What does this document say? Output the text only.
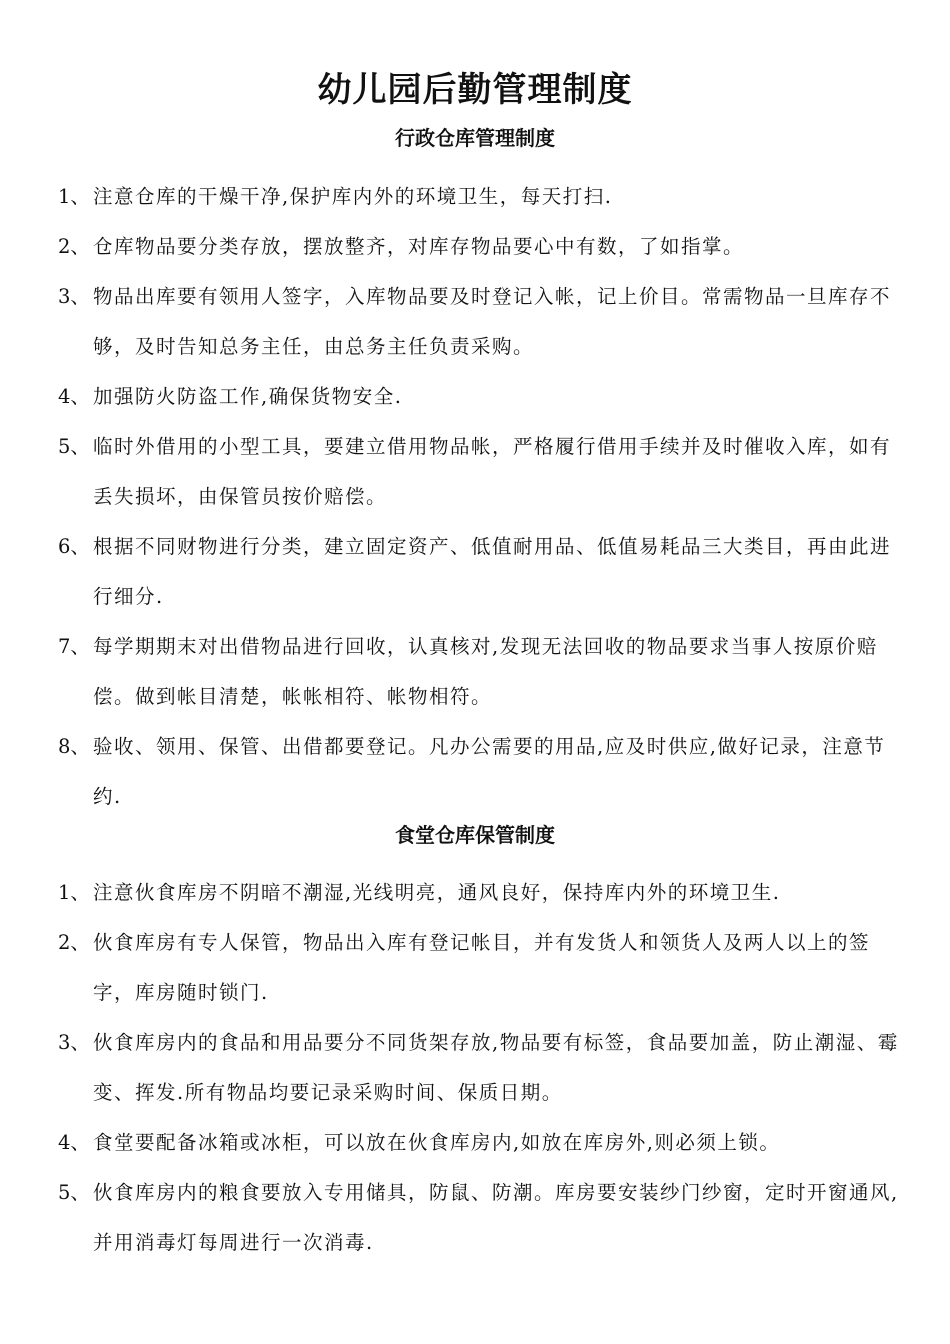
幼儿园后勤管理制度
行政仓库管理制度
1、 注意仓库的干燥干净,保护库内外的环境卫生，每天打扫.
2、 仓库物品要分类存放，摆放整齐，对库存物品要心中有数，了如指掌。
3、 物品出库要有领用人签字，入库物品要及时登记入帐，记上价目。常需物品一旦库存不够，及时告知总务主任，由总务主任负责采购。
4、 加强防火防盗工作,确保货物安全.
5、 临时外借用的小型工具，要建立借用物品帐，严格履行借用手续并及时催收入库，如有丢失损坏，由保管员按价赔偿。
6、 根据不同财物进行分类，建立固定资产、低值耐用品、低值易耗品三大类目，再由此进行细分.
7、 每学期期末对出借物品进行回收，认真核对,发现无法回收的物品要求当事人按原价赔偿。做到帐目清楚，帐帐相符、帐物相符。
8、 验收、领用、保管、出借都要登记。凡办公需要的用品,应及时供应,做好记录，注意节约.
食堂仓库保管制度
1、 注意伙食库房不阴暗不潮湿,光线明亮，通风良好，保持库内外的环境卫生.
2、 伙食库房有专人保管，物品出入库有登记帐目，并有发货人和领货人及两人以上的签字，库房随时锁门.
3、 伙食库房内的食品和用品要分不同货架存放,物品要有标签，食品要加盖，防止潮湿、霉变、挥发.所有物品均要记录采购时间、保质日期。
4、 食堂要配备冰箱或冰柜，可以放在伙食库房内,如放在库房外,则必须上锁。
5、 伙食库房内的粮食要放入专用储具，防鼠、防潮。库房要安装纱门纱窗，定时开窗通风,并用消毒灯每周进行一次消毒.
